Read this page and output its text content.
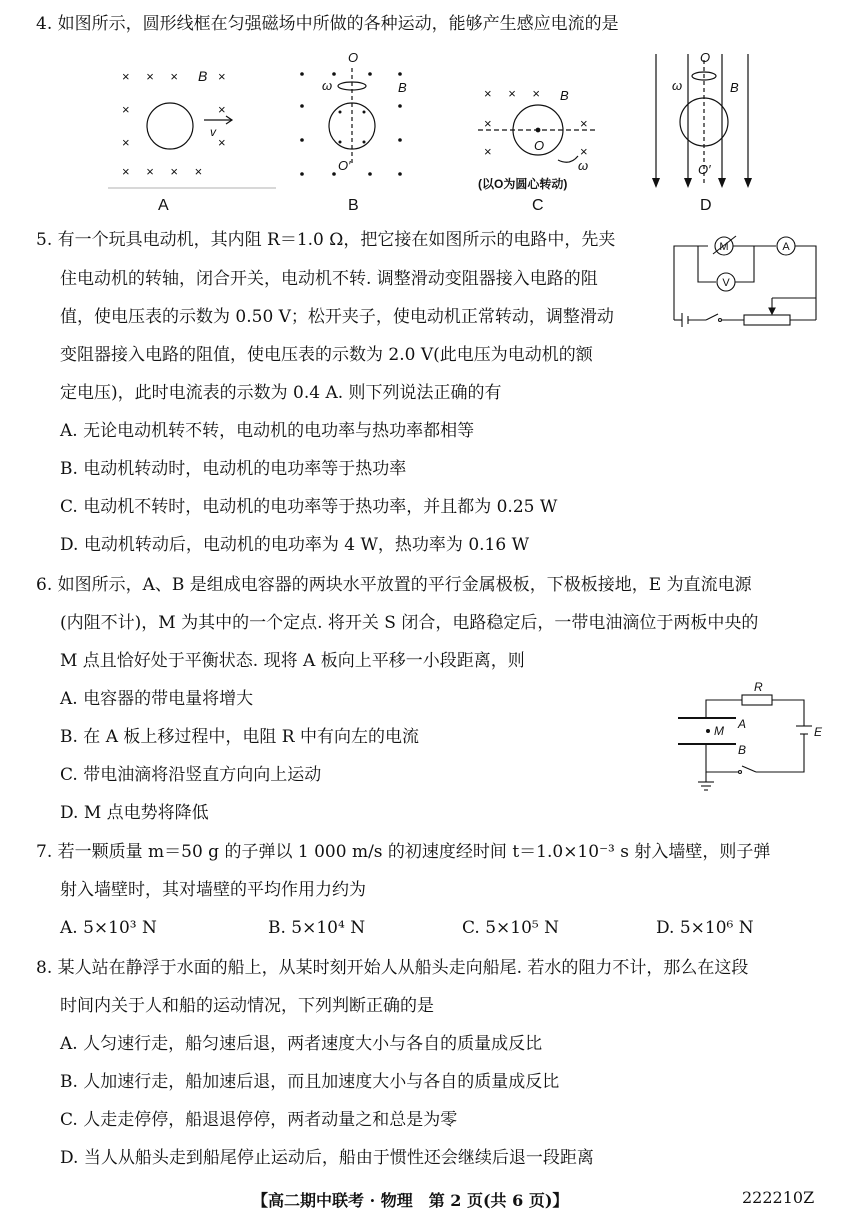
4. 如图所示，圆形线框在匀强磁场中所做的各种运动，能够产生感应电流的是
×　 ×　 ×	×
×	×
×	×
×　 ×　 ×　 ×
×　 ×　 ×
×	×
×	×
B
v
A
O
ω	B
O′
B
B
O
ω
(以O为圆心转动)
C
O
ω	B
O′
D
5. 有一个玩具电动机，其内阻 R＝1.0 Ω，把它接在如图所示的电路中，先夹
住电动机的转轴，闭合开关，电动机不转. 调整滑动变阻器接入电路的阻
值，使电压表的示数为 0.50 V；松开夹子，使电动机正常转动，调整滑动
变阻器接入电路的阻值，使电压表的示数为 2.0 V(此电压为电动机的额
定电压)，此时电流表的示数为 0.4 A. 则下列说法正确的有
A. 无论电动机转不转，电动机的电功率与热功率都相等
B. 电动机转动时，电动机的电功率等于热功率
C. 电动机不转时，电动机的电功率等于热功率，并且都为 0.25 W
D. 电动机转动后，电动机的电功率为 4 W，热功率为 0.16 W
M	A
V
6. 如图所示，A、B 是组成电容器的两块水平放置的平行金属极板，下极板接地，E 为直流电源
(内阻不计)，M 为其中的一个定点. 将开关 S 闭合，电路稳定后，一带电油滴位于两板中央的
M 点且恰好处于平衡状态. 现将 A 板向上平移一小段距离，则
A. 电容器的带电量将增大
B. 在 A 板上移过程中，电阻 R 中有向左的电流
C. 带电油滴将沿竖直方向向上运动
D. M 点电势将降低
R
A
M
B
E
7. 若一颗质量 m＝50 g 的子弹以 1 000 m/s 的初速度经时间 t＝1.0×10⁻³ s 射入墙壁，则子弹
射入墙壁时，其对墙壁的平均作用力约为
A. 5×10³ N	B. 5×10⁴ N	C. 5×10⁵ N	D. 5×10⁶ N
8. 某人站在静浮于水面的船上，从某时刻开始人从船头走向船尾. 若水的阻力不计，那么在这段
时间内关于人和船的运动情况，下列判断正确的是
A. 人匀速行走，船匀速后退，两者速度大小与各自的质量成反比
B. 人加速行走，船加速后退，而且加速度大小与各自的质量成反比
C. 人走走停停，船退退停停，两者动量之和总是为零
D. 当人从船头走到船尾停止运动后，船由于惯性还会继续后退一段距离
【高二期中联考 · 物理　第 2 页(共 6 页)】	222210Z
